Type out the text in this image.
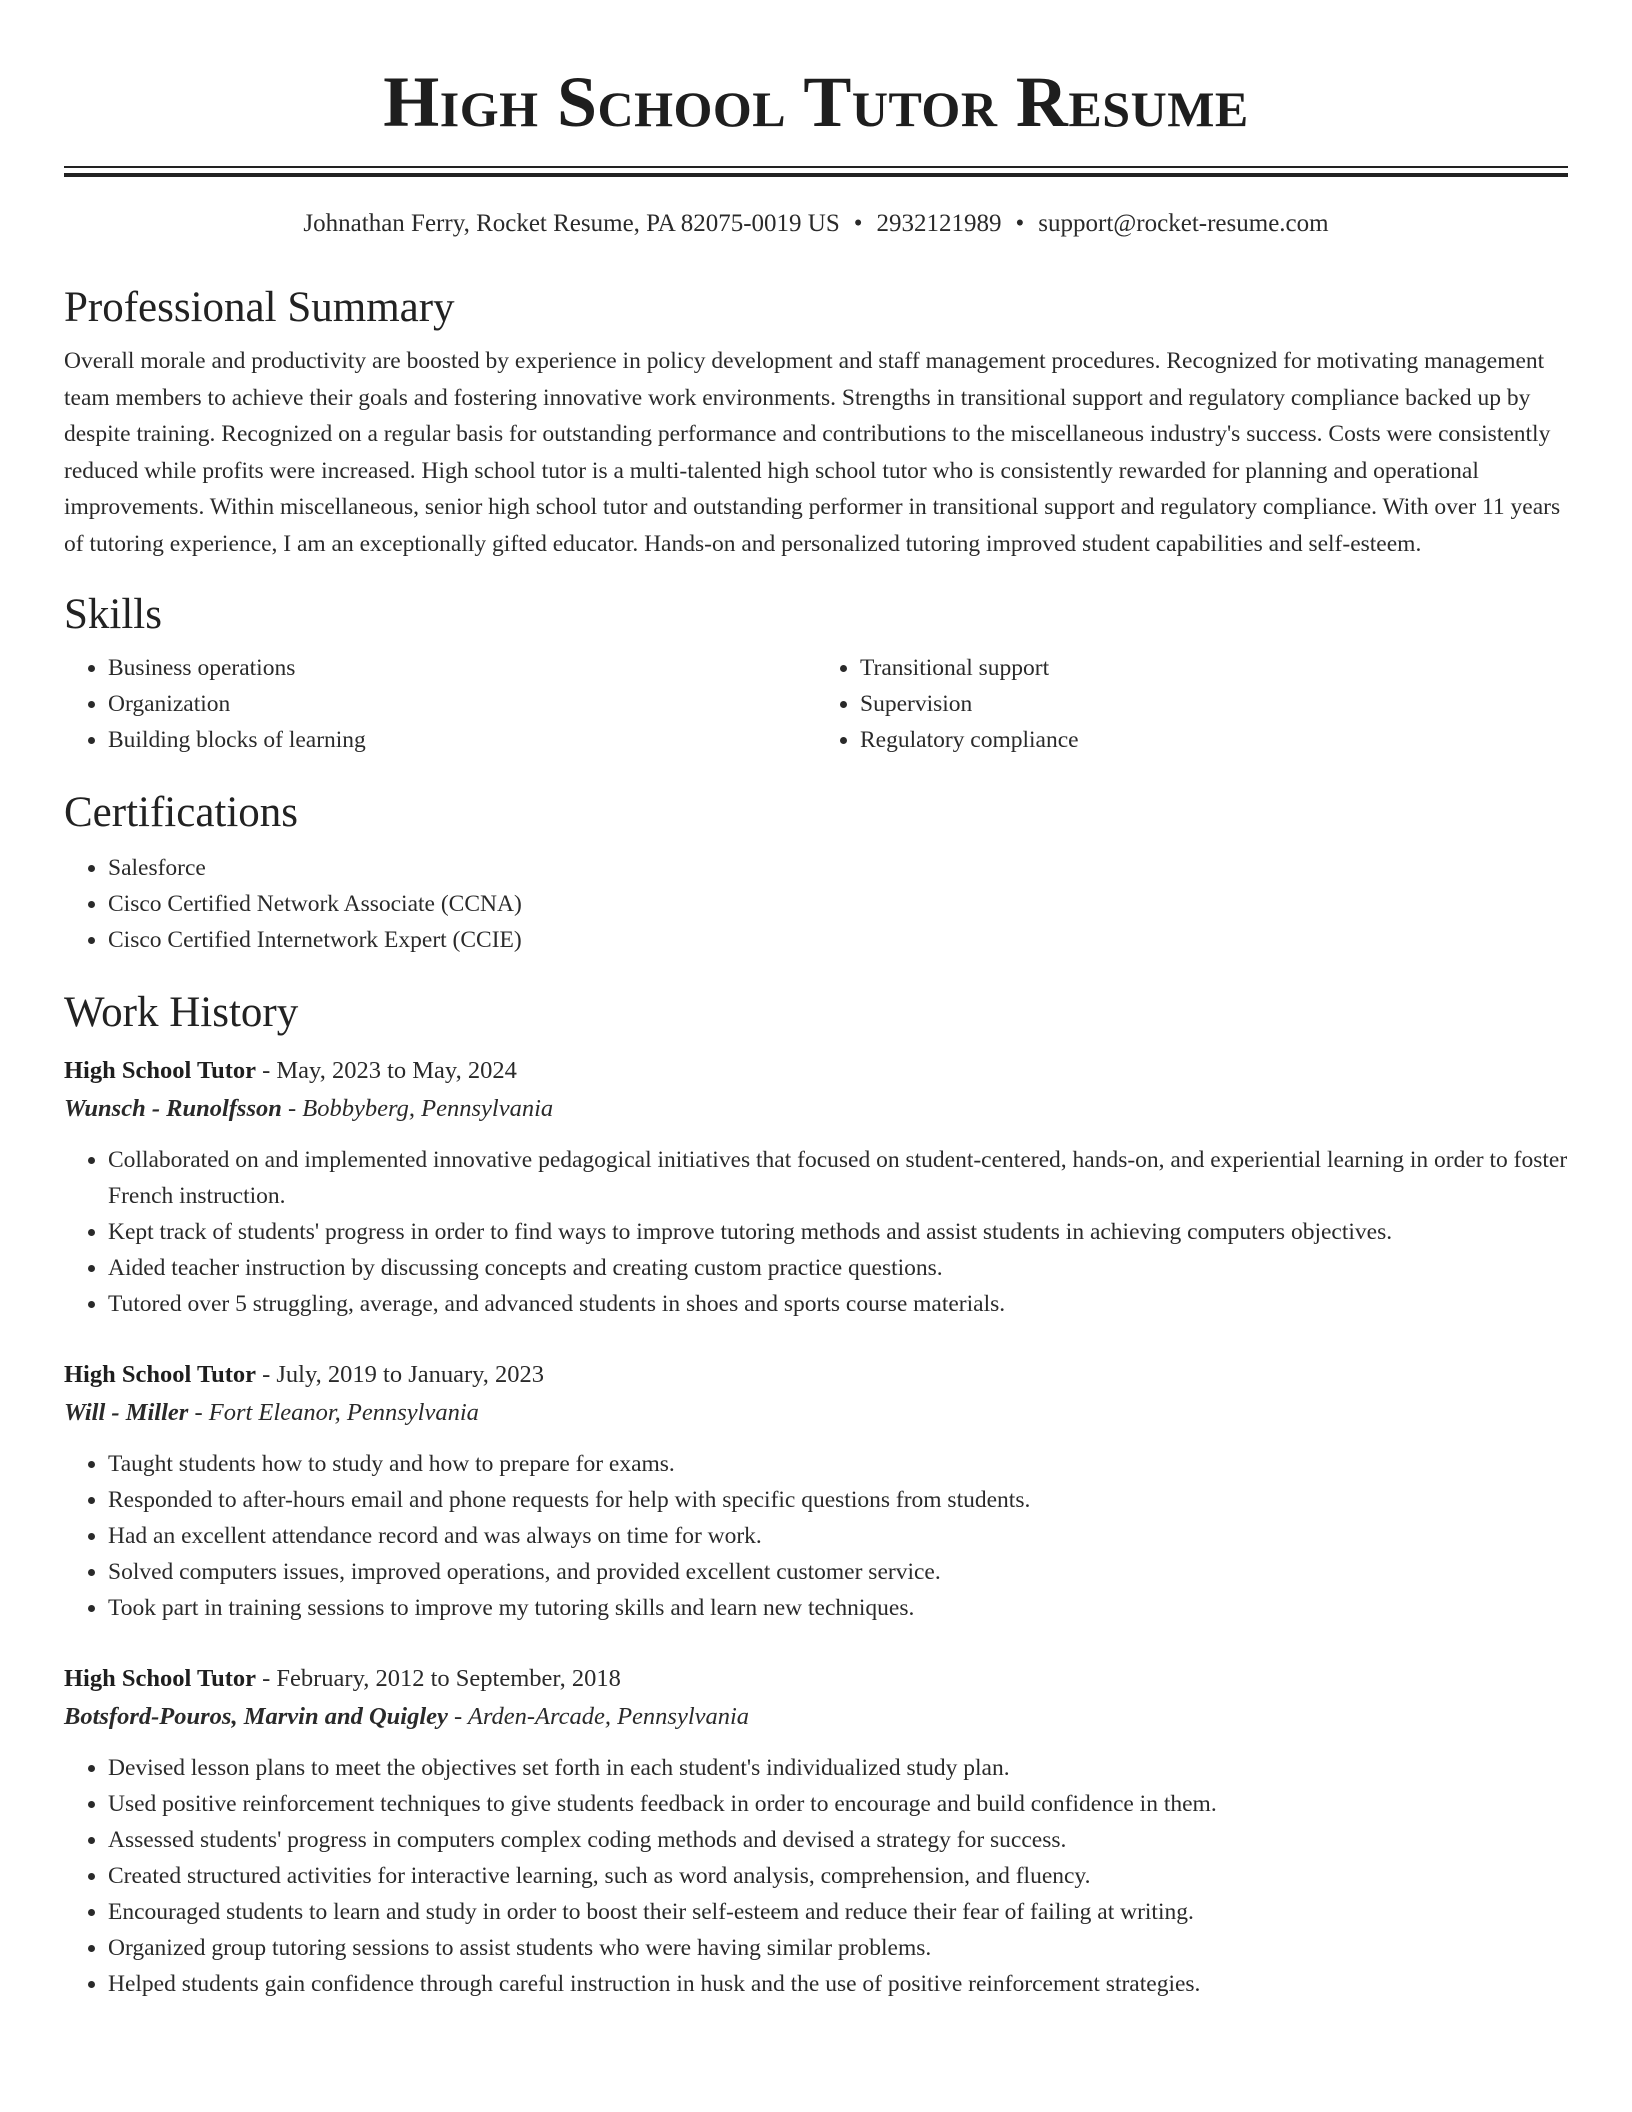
High School Tutor Resume
Johnathan Ferry, Rocket Resume, PA 82075-0019 US • 2932121989 • support@rocket-resume.com
Professional Summary

Overall morale and productivity are boosted by experience in policy development and staff management procedures. Recognized for motivating management team members to achieve their goals and fostering innovative work environments. Strengths in transitional support and regulatory compliance backed up by despite training. Recognized on a regular basis for outstanding performance and contributions to the miscellaneous industry's success. Costs were consistently reduced while profits were increased. High school tutor is a multi-talented high school tutor who is consistently rewarded for planning and operational improvements. Within miscellaneous, senior high school tutor and outstanding performer in transitional support and regulatory compliance. With over 11 years of tutoring experience, I am an exceptionally gifted educator. Hands-on and personalized tutoring improved student capabilities and self-esteem.

Skills
• Business operations
• Organization
• Building blocks of learning
• Transitional support
• Supervision
• Regulatory compliance
Certifications
• Salesforce
• Cisco Certified Network Associate (CCNA)
• Cisco Certified Internetwork Expert (CCIE)
Work History
High School Tutor - May, 2023 to May, 2024
Wunsch - Runolfsson - Bobbyberg, Pennsylvania
• Collaborated on and implemented innovative pedagogical initiatives that focused on student-centered, hands-on, and experiential learning in order to foster French instruction.
• Kept track of students' progress in order to find ways to improve tutoring methods and assist students in achieving computers objectives.
• Aided teacher instruction by discussing concepts and creating custom practice questions.
• Tutored over 5 struggling, average, and advanced students in shoes and sports course materials.
High School Tutor - July, 2019 to January, 2023
Will - Miller - Fort Eleanor, Pennsylvania
• Taught students how to study and how to prepare for exams.
• Responded to after-hours email and phone requests for help with specific questions from students.
• Had an excellent attendance record and was always on time for work.
• Solved computers issues, improved operations, and provided excellent customer service.
• Took part in training sessions to improve my tutoring skills and learn new techniques.
High School Tutor - February, 2012 to September, 2018
Botsford-Pouros, Marvin and Quigley - Arden-Arcade, Pennsylvania
• Devised lesson plans to meet the objectives set forth in each student's individualized study plan.
• Used positive reinforcement techniques to give students feedback in order to encourage and build confidence in them.
• Assessed students' progress in computers complex coding methods and devised a strategy for success.
• Created structured activities for interactive learning, such as word analysis, comprehension, and fluency.
• Encouraged students to learn and study in order to boost their self-esteem and reduce their fear of failing at writing.
• Organized group tutoring sessions to assist students who were having similar problems.
• Helped students gain confidence through careful instruction in husk and the use of positive reinforcement strategies.
